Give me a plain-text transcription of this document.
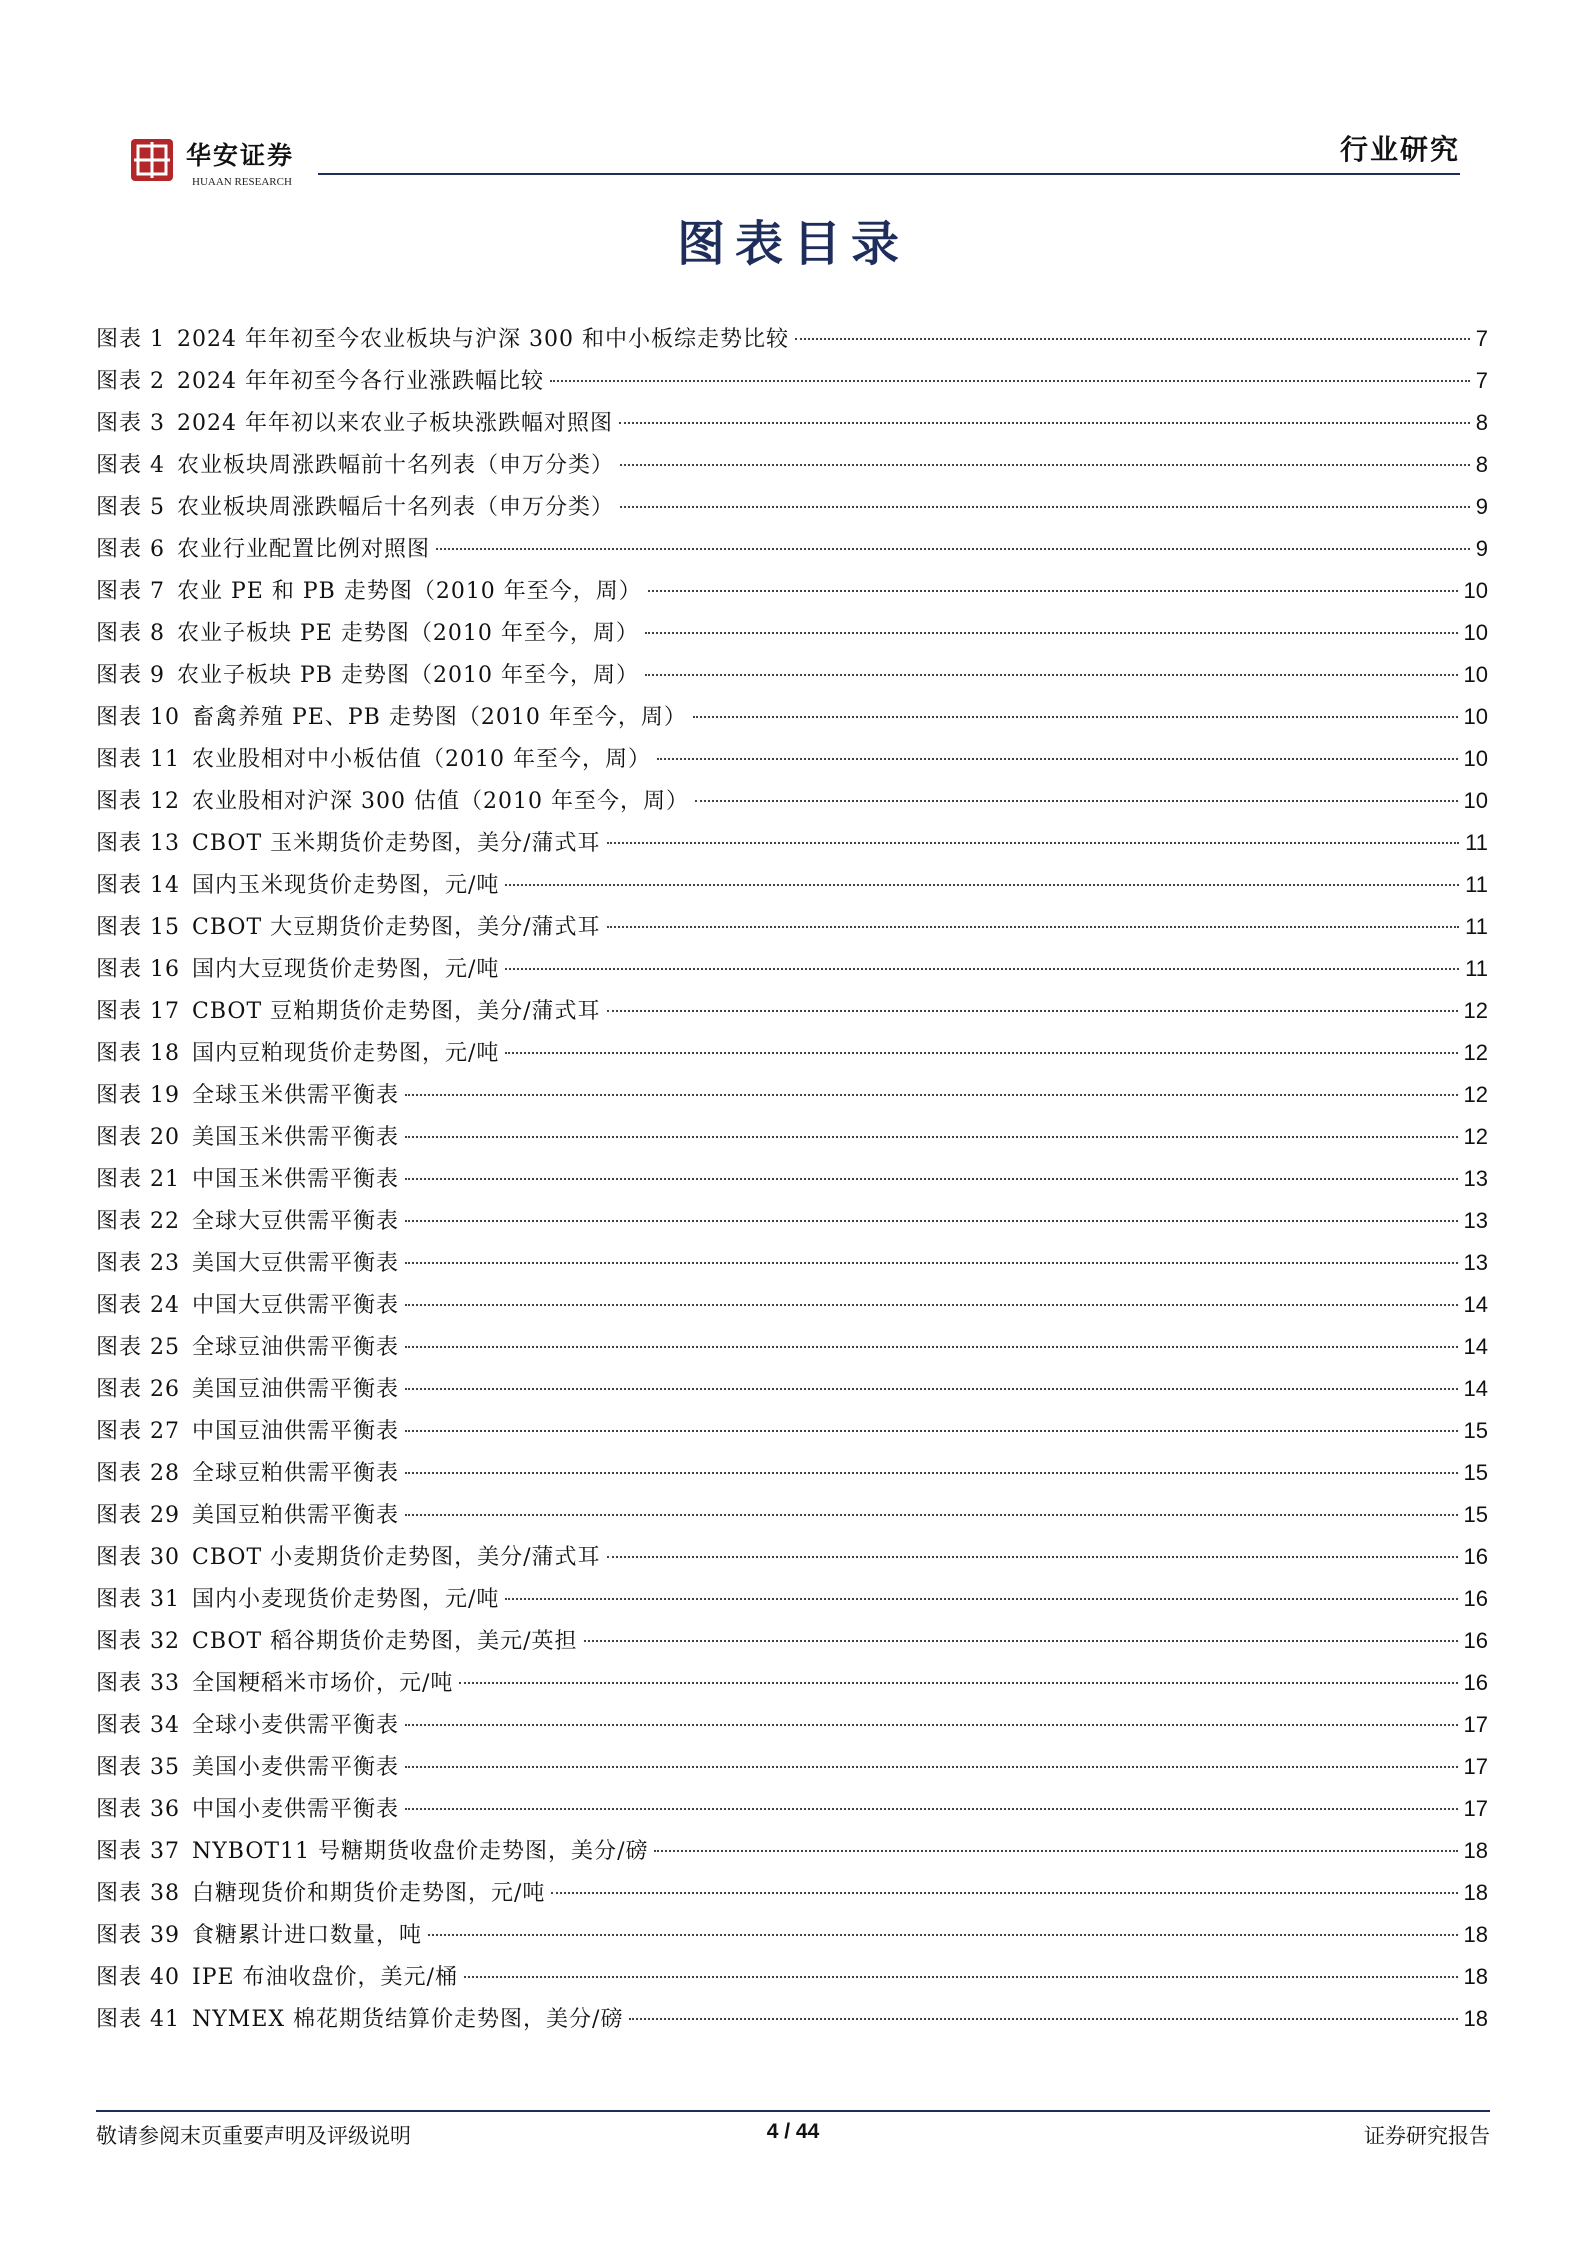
华安证券
HUAAN RESEARCH
行业研究
图表目录
图表 1 2024 年年初至今农业板块与沪深 300 和中小板综走势比较	7
图表 2 2024 年年初至今各行业涨跌幅比较	7
图表 3 2024 年年初以来农业子板块涨跌幅对照图	8
图表 4 农业板块周涨跌幅前十名列表（申万分类）	8
图表 5 农业板块周涨跌幅后十名列表（申万分类）	9
图表 6 农业行业配置比例对照图	9
图表 7 农业 PE 和 PB 走势图（2010 年至今，周）	10
图表 8 农业子板块 PE 走势图（2010 年至今，周）	10
图表 9 农业子板块 PB 走势图（2010 年至今，周）	10
图表 10 畜禽养殖 PE、PB 走势图（2010 年至今，周）	10
图表 11 农业股相对中小板估值（2010 年至今，周）	10
图表 12 农业股相对沪深 300 估值（2010 年至今，周）	10
图表 13 CBOT 玉米期货价走势图，美分/蒲式耳	11
图表 14 国内玉米现货价走势图，元/吨	11
图表 15 CBOT 大豆期货价走势图，美分/蒲式耳	11
图表 16 国内大豆现货价走势图，元/吨	11
图表 17 CBOT 豆粕期货价走势图，美分/蒲式耳	12
图表 18 国内豆粕现货价走势图，元/吨	12
图表 19 全球玉米供需平衡表	12
图表 20 美国玉米供需平衡表	12
图表 21 中国玉米供需平衡表	13
图表 22 全球大豆供需平衡表	13
图表 23 美国大豆供需平衡表	13
图表 24 中国大豆供需平衡表	14
图表 25 全球豆油供需平衡表	14
图表 26 美国豆油供需平衡表	14
图表 27 中国豆油供需平衡表	15
图表 28 全球豆粕供需平衡表	15
图表 29 美国豆粕供需平衡表	15
图表 30 CBOT 小麦期货价走势图，美分/蒲式耳	16
图表 31 国内小麦现货价走势图，元/吨	16
图表 32 CBOT 稻谷期货价走势图，美元/英担	16
图表 33 全国粳稻米市场价，元/吨	16
图表 34 全球小麦供需平衡表	17
图表 35 美国小麦供需平衡表	17
图表 36 中国小麦供需平衡表	17
图表 37 NYBOT11 号糖期货收盘价走势图，美分/磅	18
图表 38 白糖现货价和期货价走势图，元/吨	18
图表 39 食糖累计进口数量，吨	18
图表 40 IPE 布油收盘价，美元/桶	18
图表 41 NYMEX 棉花期货结算价走势图，美分/磅	18
敬请参阅末页重要声明及评级说明	4 / 44	证券研究报告
